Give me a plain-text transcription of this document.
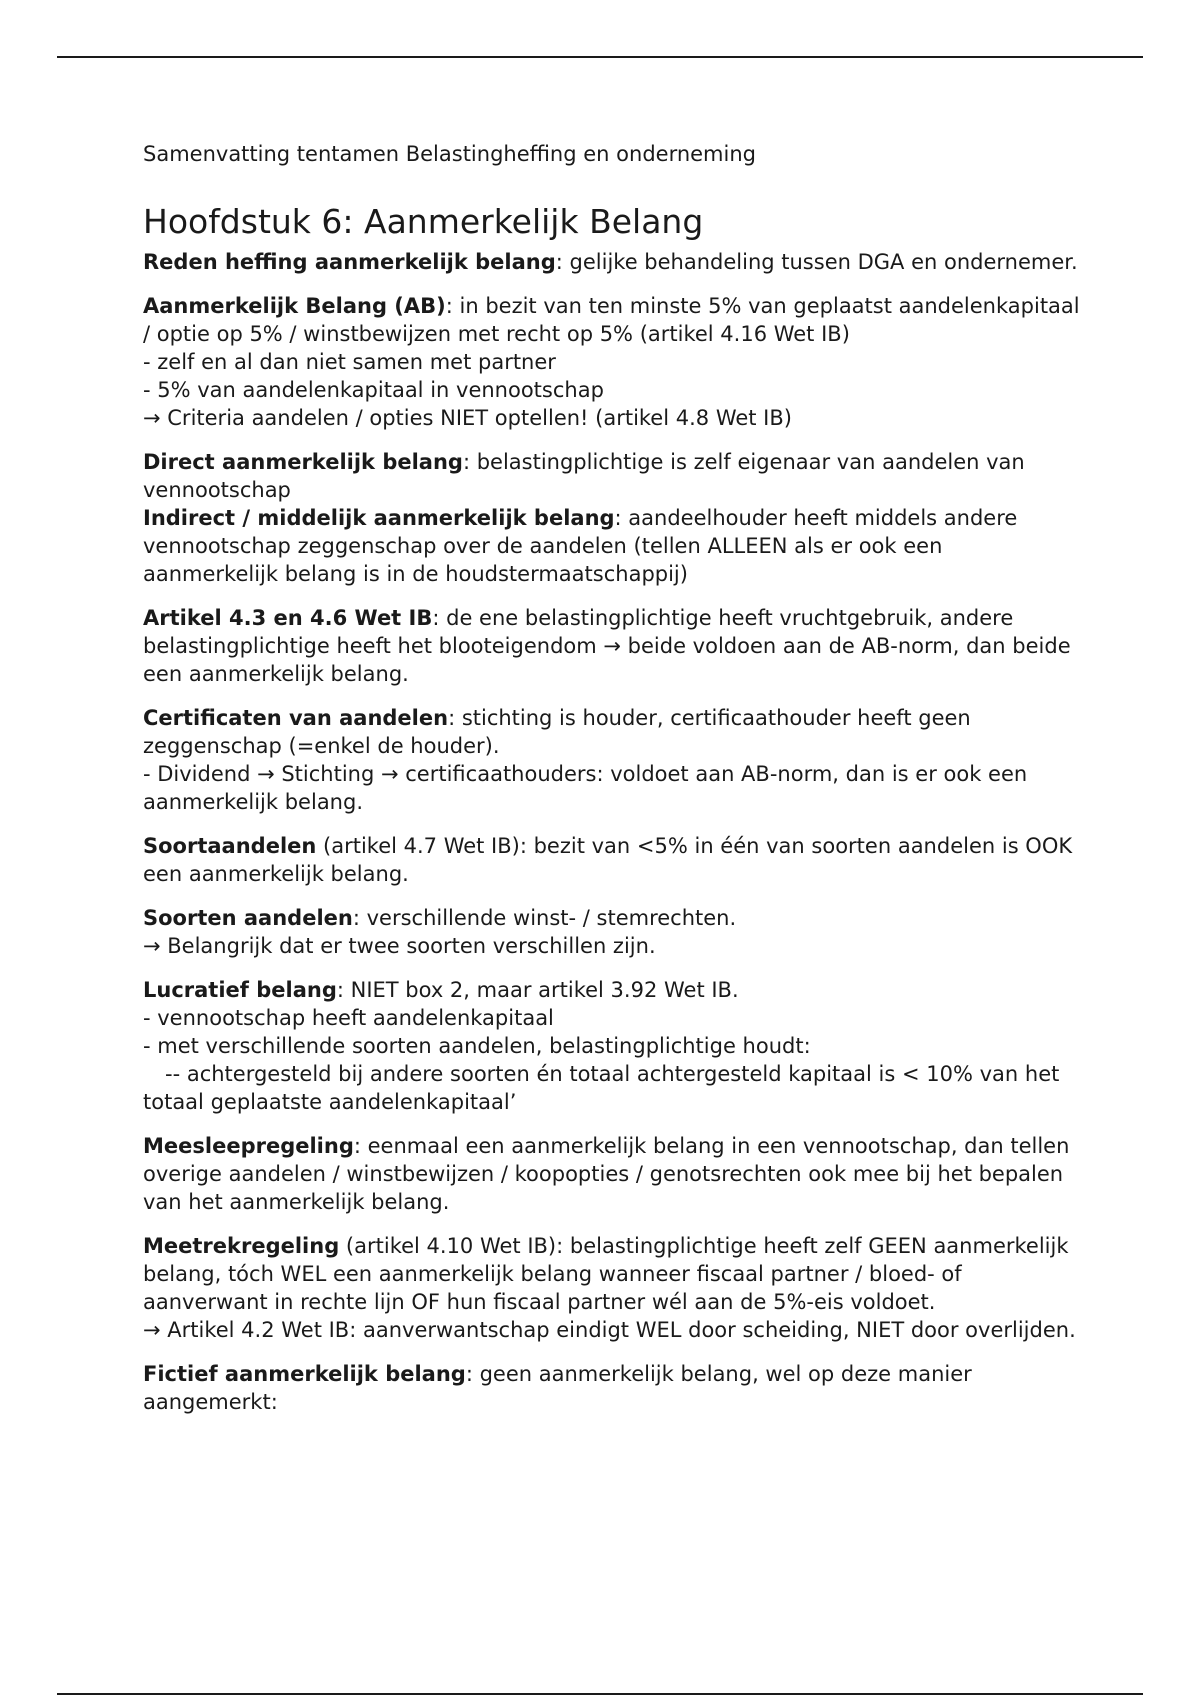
Samenvatting tentamen Belastingheffing en onderneming

Hoofdstuk 6: Aanmerkelijk Belang

Reden heffing aanmerkelijk belang: gelijke behandeling tussen DGA en ondernemer.

Aanmerkelijk Belang (AB): in bezit van ten minste 5% van geplaatst aandelenkapitaal / optie op 5% / winstbewijzen met recht op 5% (artikel 4.16 Wet IB)
- zelf en al dan niet samen met partner
- 5% van aandelenkapitaal in vennootschap
→ Criteria aandelen / opties NIET optellen! (artikel 4.8 Wet IB)

Direct aanmerkelijk belang: belastingplichtige is zelf eigenaar van aandelen van vennootschap

Indirect / middelijk aanmerkelijk belang: aandeelhouder heeft middels andere vennootschap zeggenschap over de aandelen (tellen ALLEEN als er ook een aanmerkelijk belang is in de houdstermaatschappij)

Artikel 4.3 en 4.6 Wet IB: de ene belastingplichtige heeft vruchtgebruik, andere belastingplichtige heeft het blooteigendom → beide voldoen aan de AB-norm, dan beide een aanmerkelijk belang.

Certificaten van aandelen: stichting is houder, certificaathouder heeft geen zeggenschap (=enkel de houder).
- Dividend → Stichting → certificaathouders: voldoet aan AB-norm, dan is er ook een aanmerkelijk belang.

Soortaandelen (artikel 4.7 Wet IB): bezit van <5% in één van soorten aandelen is OOK een aanmerkelijk belang.

Soorten aandelen: verschillende winst- / stemrechten.
→ Belangrijk dat er twee soorten verschillen zijn.

Lucratief belang: NIET box 2, maar artikel 3.92 Wet IB.
- vennootschap heeft aandelenkapitaal
- met verschillende soorten aandelen, belastingplichtige houdt:
-- achtergesteld bij andere soorten én totaal achtergesteld kapitaal is < 10% van het totaal geplaatste aandelenkapitaal’

Meesleepregeling: eenmaal een aanmerkelijk belang in een vennootschap, dan tellen overige aandelen / winstbewijzen / koopopties / genotsrechten ook mee bij het bepalen van het aanmerkelijk belang.

Meetrekregeling (artikel 4.10 Wet IB): belastingplichtige heeft zelf GEEN aanmerkelijk belang, tóch WEL een aanmerkelijk belang wanneer fiscaal partner / bloed- of aanverwant in rechte lijn OF hun fiscaal partner wél aan de 5%-eis voldoet.
→ Artikel 4.2 Wet IB: aanverwantschap eindigt WEL door scheiding, NIET door overlijden.

Fictief aanmerkelijk belang: geen aanmerkelijk belang, wel op deze manier aangemerkt:
